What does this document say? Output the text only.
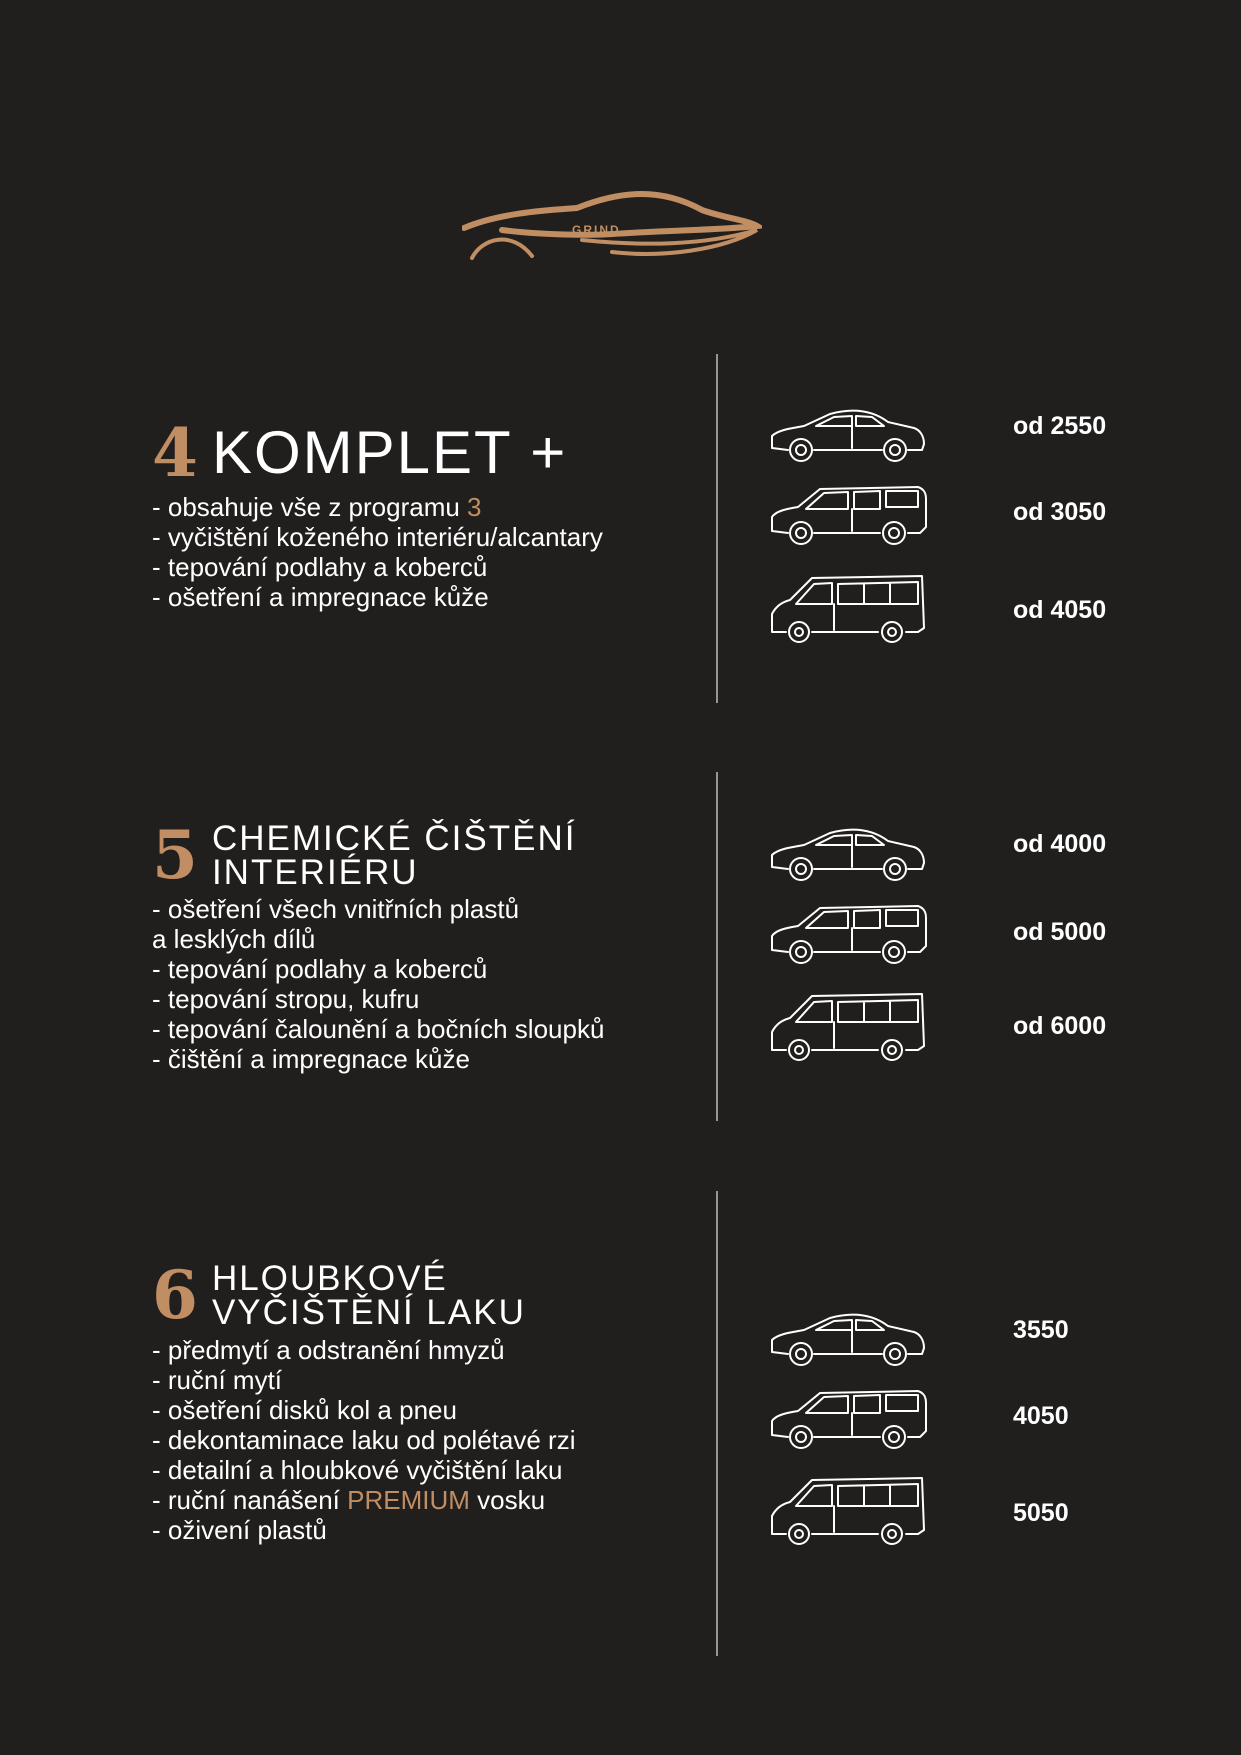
GRIND
4 KOMPLET +
- obsahuje vše z programu 3
- vyčištění koženého interiéru/alcantary
- tepování podlahy a koberců
- ošetření a impregnace kůže
od 2550
od 3050
od 4050
5 CHEMICKÉ ČIŠTĚNÍ
INTERIÉRU
- ošetření všech vnitřních plastů
a lesklých dílů
- tepování podlahy a koberců
- tepování stropu, kufru
- tepování čalounění a bočních sloupků
- čištění a impregnace kůže
od 4000
od 5000
od 6000
6 HLOUBKOVÉ
VYČIŠTĚNÍ LAKU
- předmytí a odstranění hmyzů
- ruční mytí
- ošetření disků kol a pneu
- dekontaminace laku od polétavé rzi
- detailní a hloubkové vyčištění laku
- ruční nanášení PREMIUM vosku
- oživení plastů
3550
4050
5050
